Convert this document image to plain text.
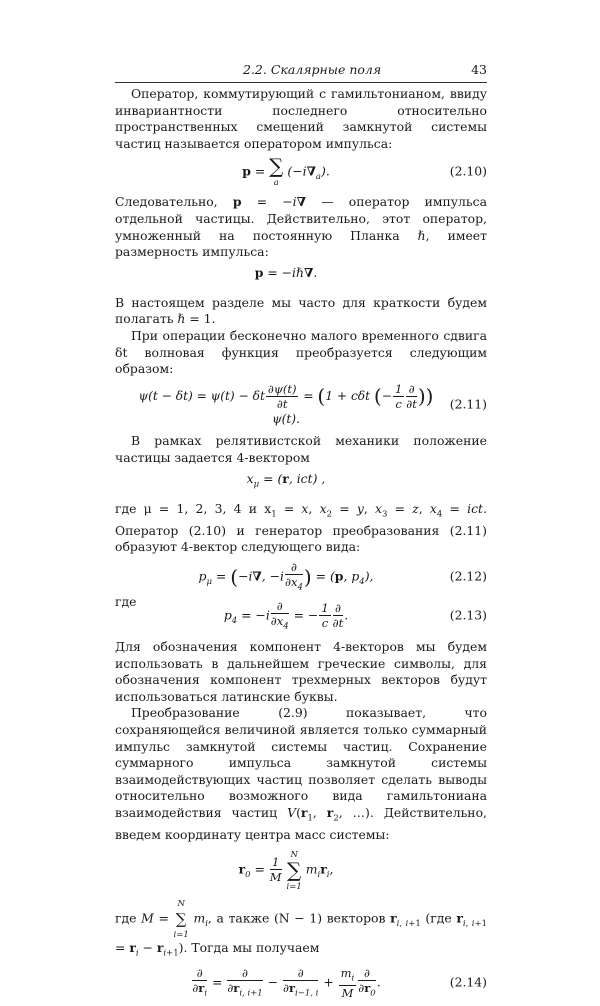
2.2. Скалярные поля	43

Оператор, коммутирующий с гамильтонианом, ввиду инвариантности последнего относительно пространственных смещений замкнутой системы частиц называется оператором импульса:

p = ∑
a $(-i\nabla_a)$.	(2.10)

Следовательно, p = −i∇ — оператор импульса отдельной частицы. Действительно, этот оператор, умноженный на постоянную Планка ℏ, имеет размерность импульса:

p = −iℏ∇.

В настоящем разделе мы часто для краткости будем полагать ℏ = 1.

При операции бесконечно малого временного сдвига δt волновая функция преобразуется следующим образом:

ψ(t − δt) = ψ(t) − δt $\frac{\partial\psi(t)}{\partial t} = (1 + c\delta t$ (− $\frac{1}{c} \frac{\partial}{\partial t}$ )) ψ(t).
(2.11)

В рамках релятивистской механики положение частицы задается 4-вектором

$x_\mu = (r$, ict) ,

где μ = 1, 2, 3, 4 и $x_1 = x$, $x_2 = y$, $x_3 = z$, $x_4$ = ict. Оператор (2.10) и генератор преобразования (2.11) образуют 4-вектор следующего вида:

$p_\mu = (-i\nabla$, $-i \frac{\partial}{\partial x_4}$ ) = (p, $p_4$),	(2.12)

где

$p_4 = -i \frac{\partial}{\partial x_4}$ = − $\frac{1}{c} \frac{\partial}{\partial t}$ .	(2.13)

Для обозначения компонент 4-векторов мы будем использовать в дальнейшем греческие символы, для обозначения компонент трехмерных векторов будут использоваться латинские буквы.

Преобразование (2.9) показывает, что сохраняющейся величиной является только суммарный импульс замкнутой системы частиц. Сохранение суммарного импульса замкнутой системы взаимодействующих частиц позволяет сделать выводы относительно возможного вида гамильтониана взаимодействия частиц $V(r_1$, $r_2$, …). Действительно, введем координату центра масс системы:

$r_0 = \frac{1}{M}$
N
∑
i=1 $m_ir_i$,

где M = N
∑
i=1 $m_i$, а также (N − 1) векторов $r_{i, i+1}$ (где $r_{i, i+1} = r_i - r_{i+1}$). Тогда мы получаем

$\frac{\partial}{\partial r_i} = \frac{\partial}{\partial r_{i, i+1}} - \frac{\partial}{\partial r_{i-1, i}} + \frac{m_i}{M} \frac{\partial}{\partial r_0}$ .	(2.14)
